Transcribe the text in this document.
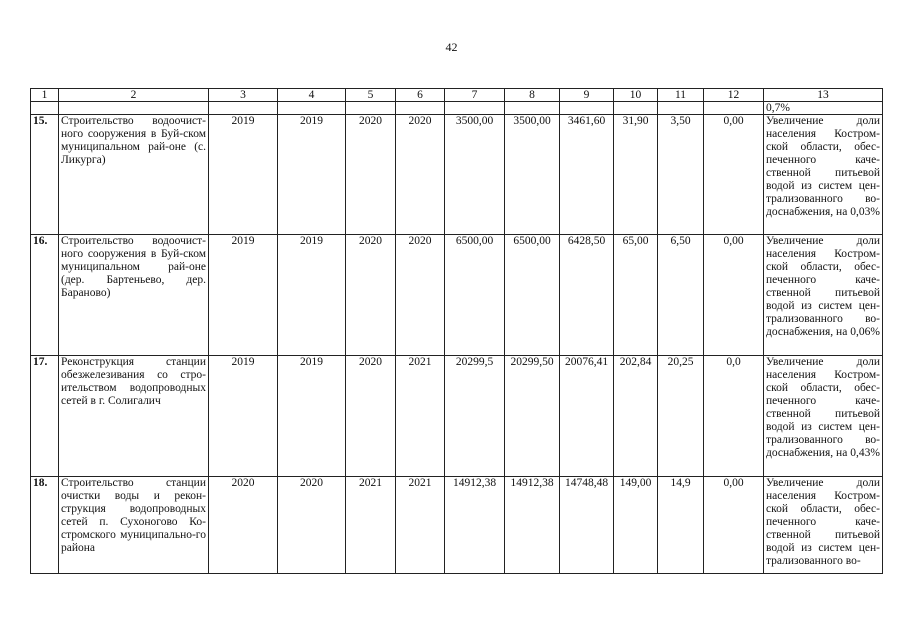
42
1	2	3	4	5	6	7	8	9	10	11	12	13
												0,7%
15.	Строительство водоочист-ного сооружения в Буй-ском муниципальном рай-оне (с. Ликурга)	2019	2019	2020	2020	3500,00	3500,00	3461,60	31,90	3,50	0,00	Увеличение доли населения Костром-ской области, обес-печенного каче-ственной питьевой водой из систем цен-трализованного во-доснабжения, на 0,03%
16.	Строительство водоочист-ного сооружения в Буй-ском муниципальном рай-оне (дер. Бартеньево, дер. Бараново)	2019	2019	2020	2020	6500,00	6500,00	6428,50	65,00	6,50	0,00	Увеличение доли населения Костром-ской области, обес-печенного каче-ственной питьевой водой из систем цен-трализованного во-доснабжения, на 0,06%
17.	Реконструкция станции обезжелезивания со стро-ительством водопроводных сетей в г. Солигалич	2019	2019	2020	2021	20299,5	20299,50	20076,41	202,84	20,25	0,0	Увеличение доли населения Костром-ской области, обес-печенного каче-ственной питьевой водой из систем цен-трализованного во-доснабжения, на 0,43%
18.	Строительство станции очистки воды и рекон-струкция водопроводных сетей п. Сухоногово Ко-стромского муниципально-го района	2020	2020	2021	2021	14912,38	14912,38	14748,48	149,00	14,9	0,00	Увеличение доли населения Костром-ской области, обес-печенного каче-ственной питьевой водой из систем цен-трализованного во-
